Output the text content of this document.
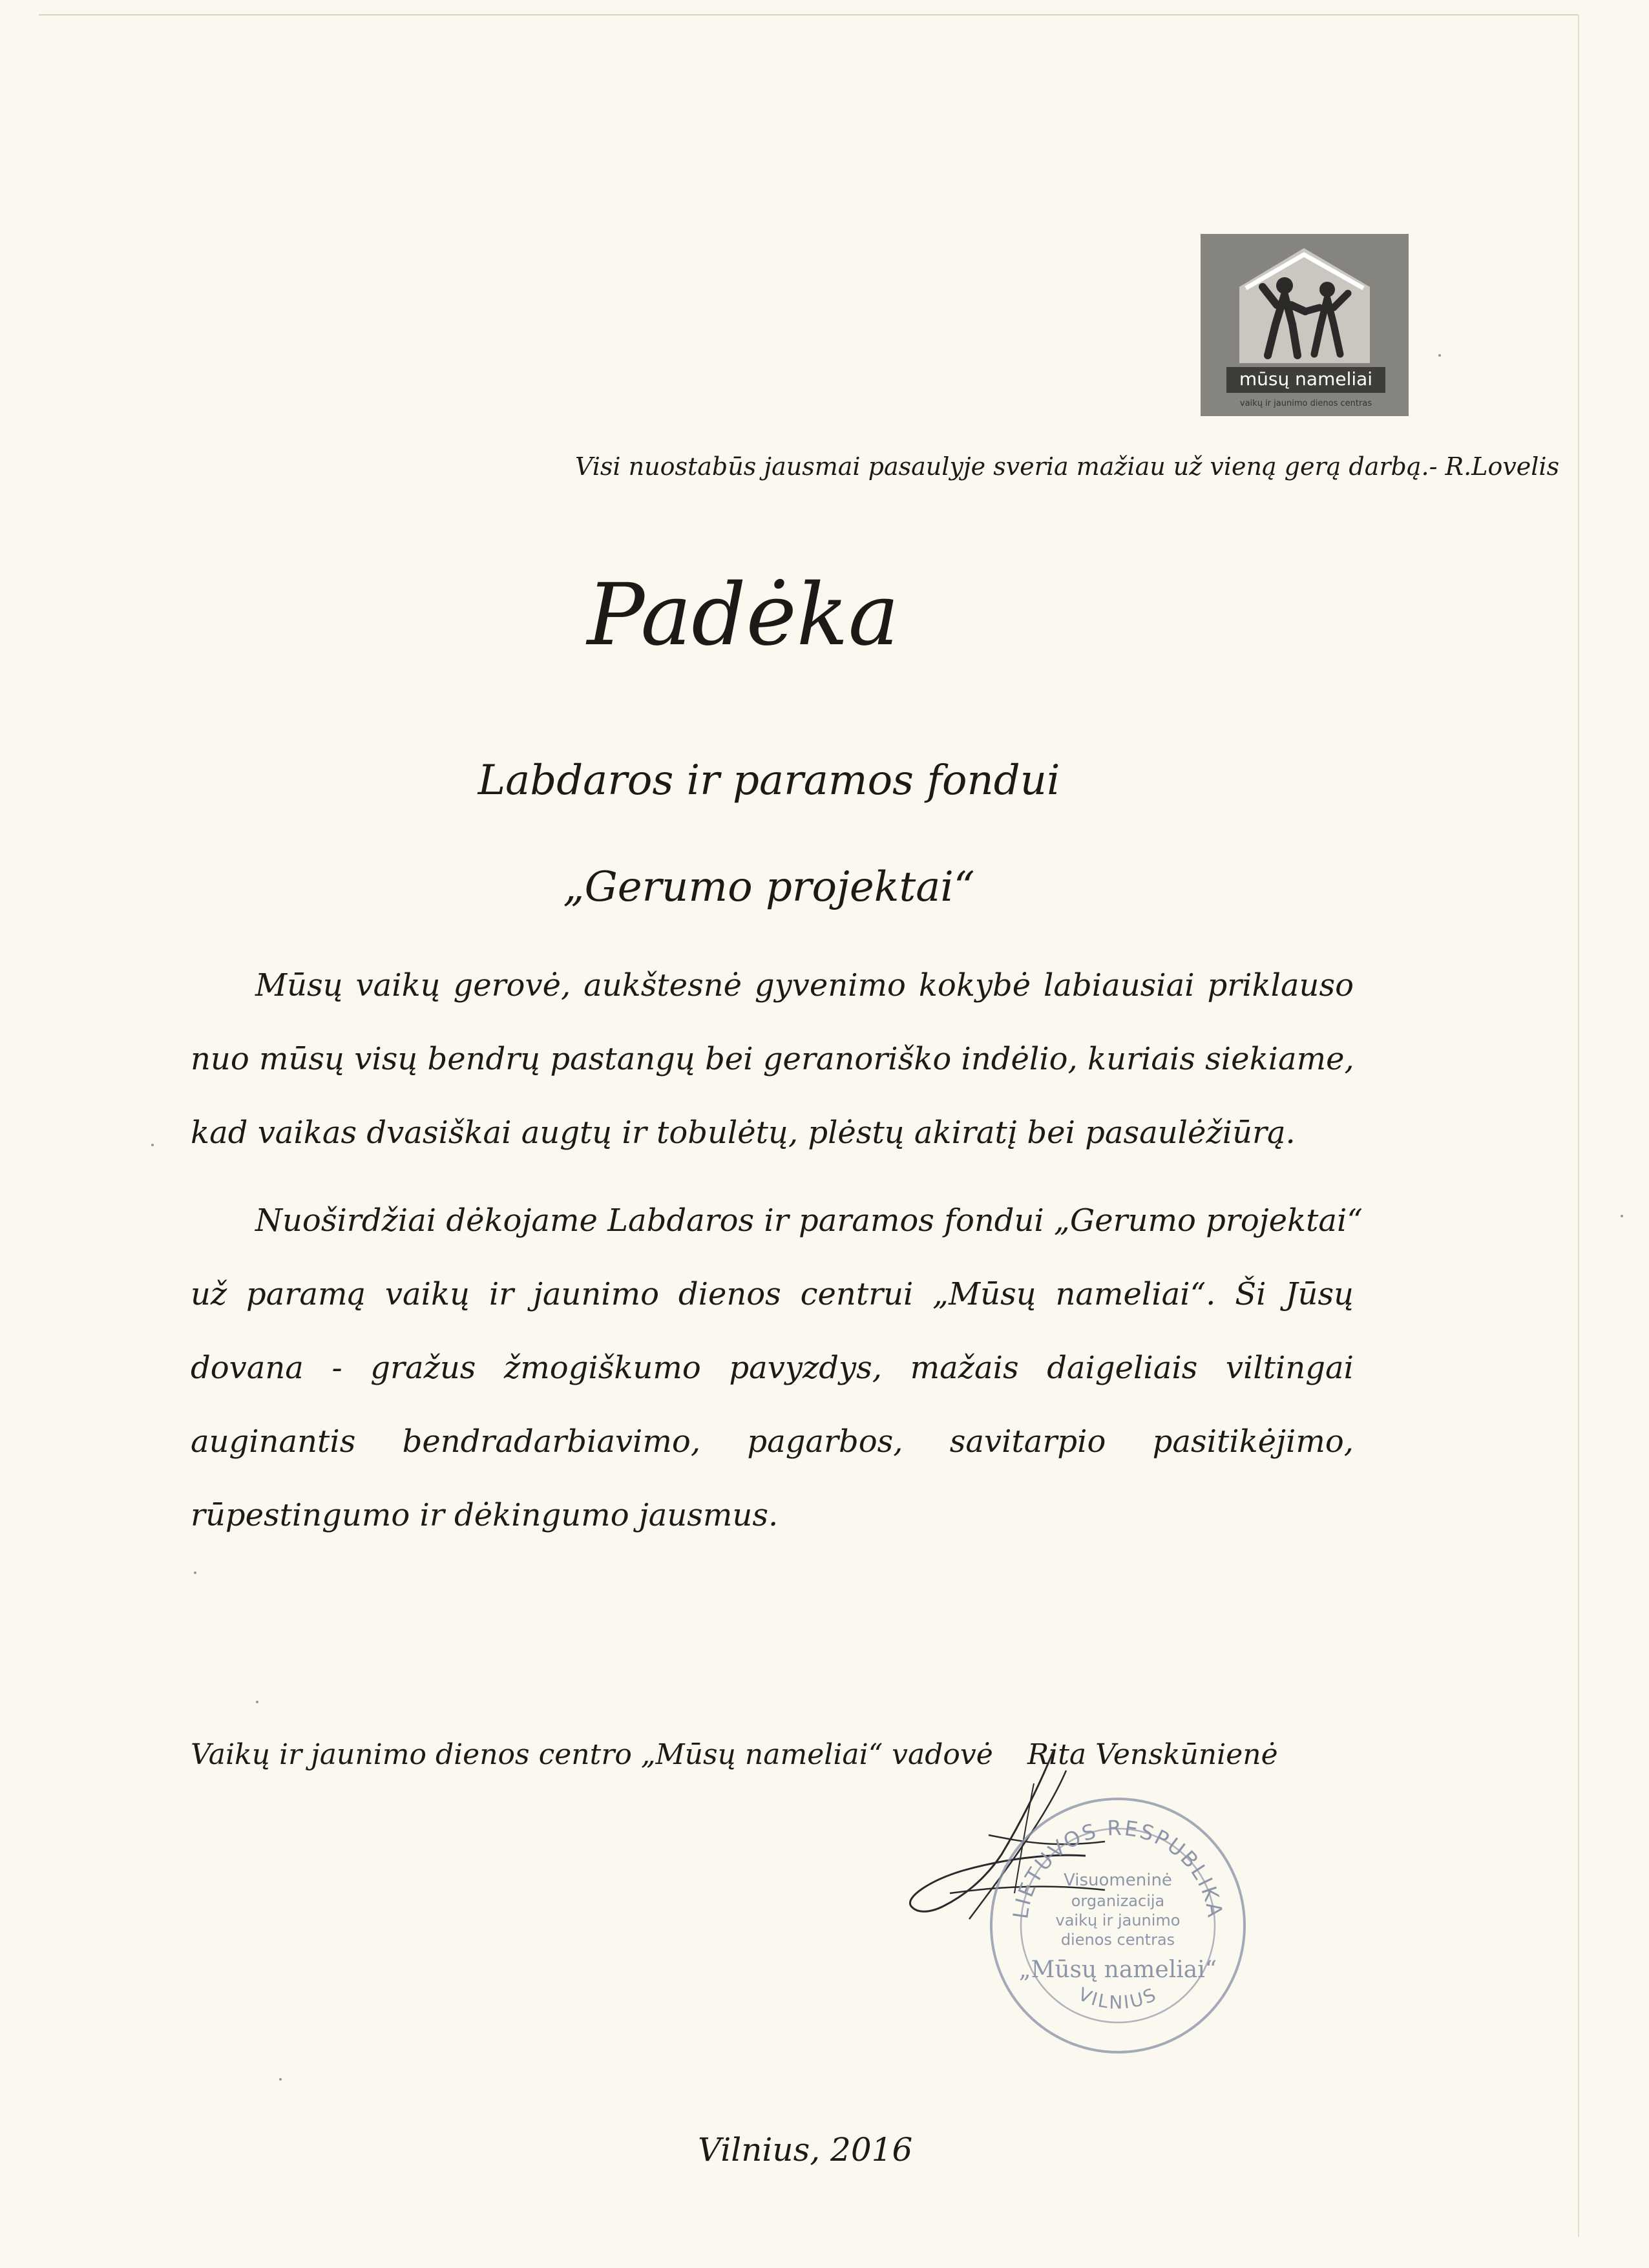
mūsų nameliai
vaikų ir jaunimo dienos centras
Visi nuostabūs jausmai pasaulyje sveria mažiau už vieną gerą darbą.- R.Lovelis
Padėka
Labdaros ir paramos fondui
„Gerumo projektai“
Mūsų vaikų gerovė, aukštesnė gyvenimo kokybė labiausiai priklauso
nuo mūsų visų bendrų pastangų bei geranoriško indėlio, kuriais siekiame,
kad vaikas dvasiškai augtų ir tobulėtų, plėstų akiratį bei pasaulėžiūrą.
Nuoširdžiai dėkojame Labdaros ir paramos fondui „Gerumo projektai“
už paramą vaikų ir jaunimo dienos centrui „Mūsų nameliai“. Ši Jūsų
dovana - gražus žmogiškumo pavyzdys, mažais daigeliais viltingai
auginantis bendradarbiavimo, pagarbos, savitarpio pasitikėjimo,
rūpestingumo ir dėkingumo jausmus.
Vaikų ir jaunimo dienos centro „Mūsų nameliai“ vadovė Rita Venskūnienė
LIETUVOS RESPUBLIKA
VILNIUS
Visuomeninė
organizacija
vaikų ir jaunimo
dienos centras
„Mūsų nameliai“
Vilnius, 2016
